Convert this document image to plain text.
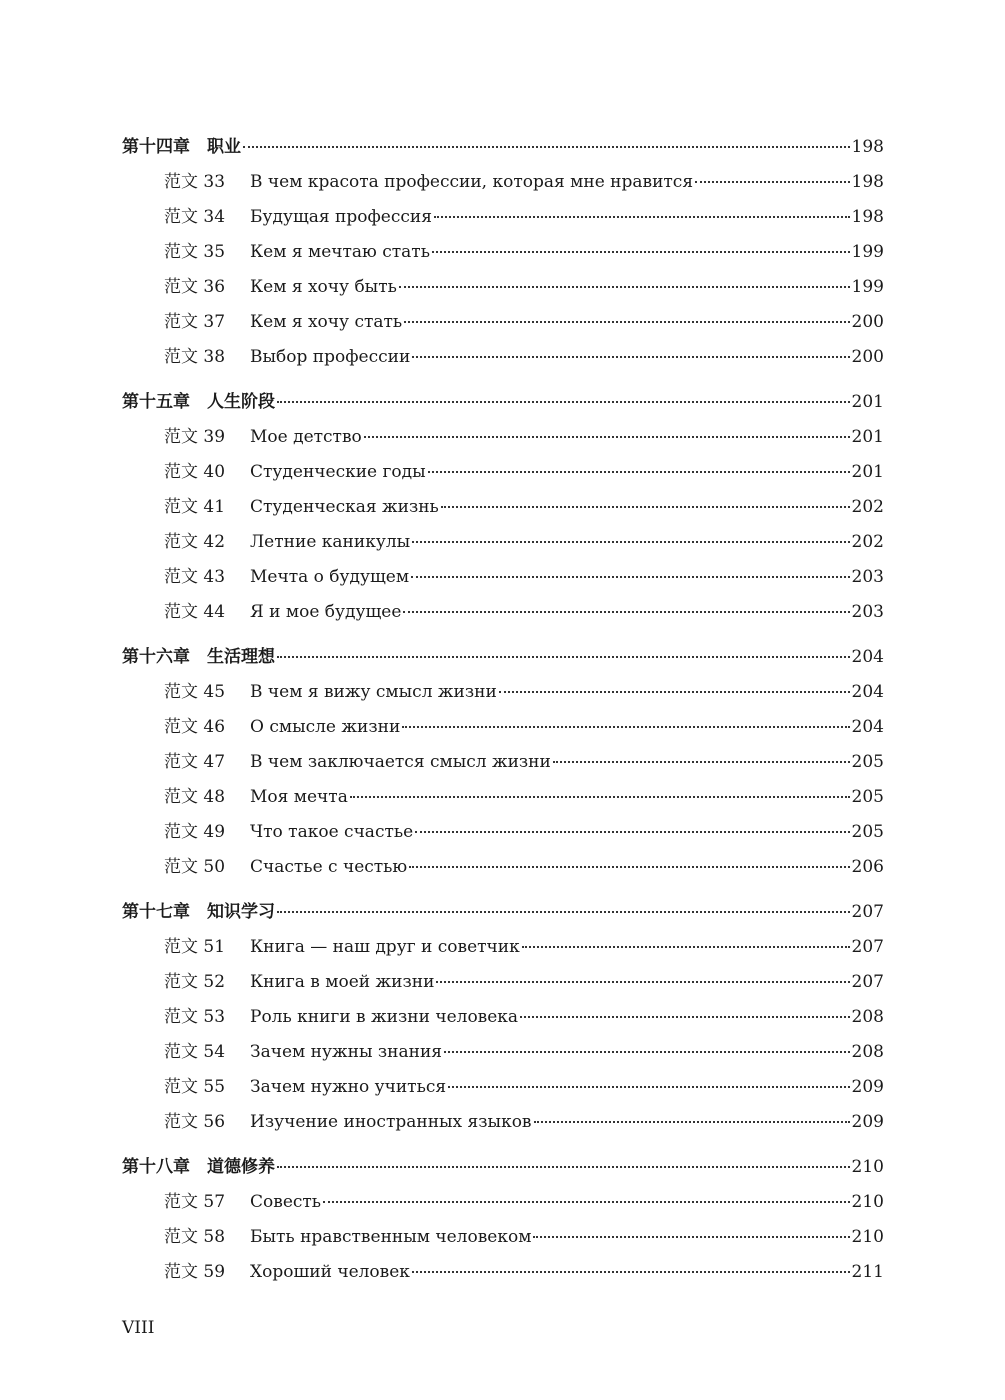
第十四章　职业	198
范文 33	В чем красота профессии, которая мне нравится	198
范文 34	Будущая профессия	198
范文 35	Кем я мечтаю стать	199
范文 36	Кем я хочу быть	199
范文 37	Кем я хочу стать	200
范文 38	Выбор профессии	200
第十五章　人生阶段	201
范文 39	Мое детство	201
范文 40	Студенческие годы	201
范文 41	Студенческая жизнь	202
范文 42	Летние каникулы	202
范文 43	Мечта о будущем	203
范文 44	Я и мое будущее	203
第十六章　生活理想	204
范文 45	В чем я вижу смысл жизни	204
范文 46	О смысле жизни	204
范文 47	В чем заключается смысл жизни	205
范文 48	Моя мечта	205
范文 49	Что такое счастье	205
范文 50	Счастье с честью	206
第十七章　知识学习	207
范文 51	Книга — наш друг и советчик	207
范文 52	Книга в моей жизни	207
范文 53	Роль книги в жизни человека	208
范文 54	Зачем нужны знания	208
范文 55	Зачем нужно учиться	209
范文 56	Изучение иностранных языков	209
第十八章　道德修养	210
范文 57	Совесть	210
范文 58	Быть нравственным человеком	210
范文 59	Хороший человек	211
VIII
